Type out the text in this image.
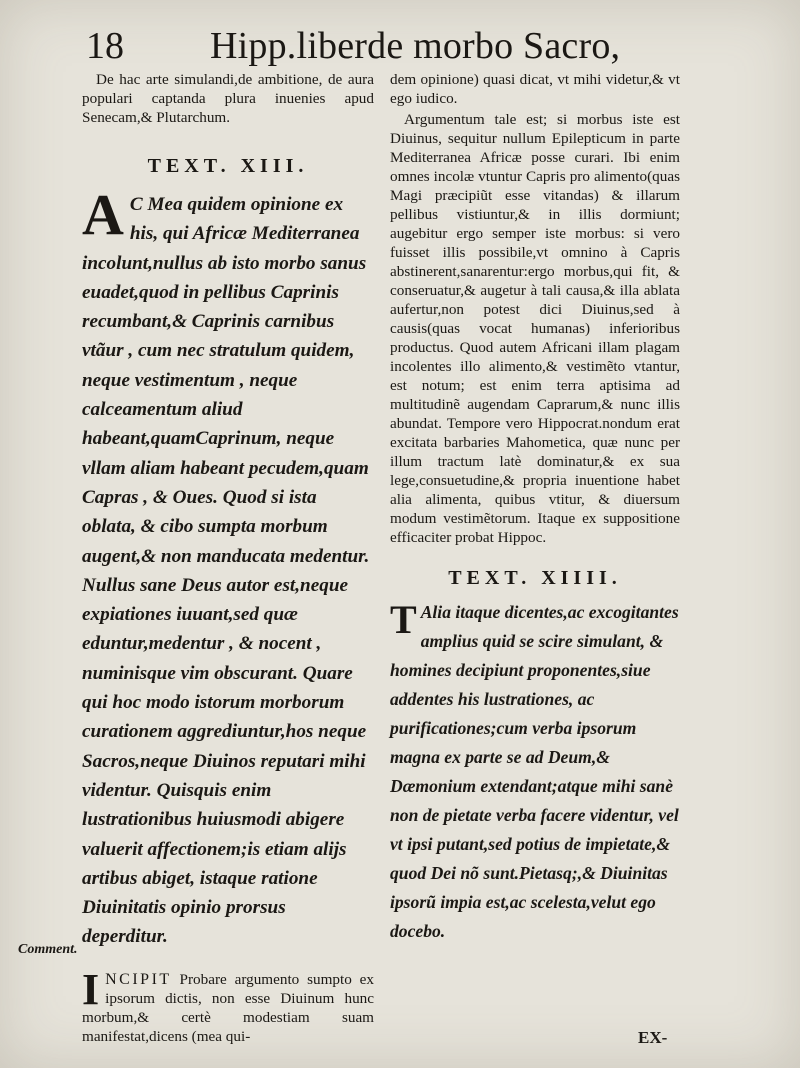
18 Hipp.liberde morbo Sacro,

De hac arte simulandi,de ambitione, de aura populari captanda plura inuenies apud Senecam,& Plutarchum.

TEXT. XIII.

A C Mea quidem opinione ex his, qui Africæ Mediterranea incolunt,nullus ab isto morbo sanus euadet,quod in pellibus Caprinis recumbant,& Caprinis carnibus vtãur , cum nec stratulum quidem, neque vestimentum , neque calceamentum aliud habeant,quamCaprinum, neque vllam aliam habeant pecudem,quam Capras , & Oues. Quod si ista oblata, & cibo sumpta morbum augent,& non manducata medentur. Nullus sane Deus autor est,neque expiationes iuuant,sed quæ eduntur,medentur , & nocent , numinisque vim obscurant. Quare qui hoc modo istorum morborum curationem aggrediuntur,hos neque Sacros,neque Diuinos reputari mihi videntur. Quisquis enim lustrationibus huiusmodi abigere valuerit affectionem;is etiam alijs artibus abiget, istaque ratione Diuinitatis opinio prorsus deperditur.

I NCIPIT Probare argumento sumpto ex ipsorum dictis, non esse Diuinum hunc morbum,& certè modestiam suam manifestat,dicens (mea qui-

Comment.

dem opinione) quasi dicat, vt mihi videtur,& vt ego iudico.

Argumentum tale est; si morbus iste est Diuinus, sequitur nullum Epilepticum in parte Mediterranea Africæ posse curari. Ibi enim omnes incolæ vtuntur Capris pro alimento(quas Magi præcipiũt esse vitandas) & illarum pellibus vistiuntur,& in illis dormiunt; augebitur ergo semper iste morbus: si vero fuisset illis possibile,vt omnino à Capris abstinerent,sanarentur:ergo morbus,qui fit, & conseruatur,& augetur à tali causa,& illa ablata aufertur,non potest dici Diuinus,sed à causis(quas vocat humanas) inferioribus productus. Quod autem Africani illam plagam incolentes illo alimento,& vestimẽto vtantur, est notum; est enim terra aptisima ad multitudinẽ augendam Caprarum,& nunc illis abundat. Tempore vero Hippocrat.nondum erat excitata barbaries Mahometica, quæ nunc per illum tractum latè dominatur,& ex sua lege,consuetudine,& propria inuentione habet alia alimenta, quibus vtitur, & diuersum modum vestimẽtorum. Itaque ex suppositione efficaciter probat Hippoc.

TEXT. XIIII.

T Alia itaque dicentes,ac excogitantes amplius quid se scire simulant, & homines decipiunt proponentes,siue addentes his lustrationes, ac purificationes;cum verba ipsorum magna ex parte se ad Deum,& Dæmonium extendant;atque mihi sanè non de pietate verba facere videntur, vel vt ipsi putant,sed potius de impietate,& quod Dei nõ sunt.Pietasq;,& Diuinitas ipsorũ impia est,ac scelesta,velut ego docebo.

EX-
